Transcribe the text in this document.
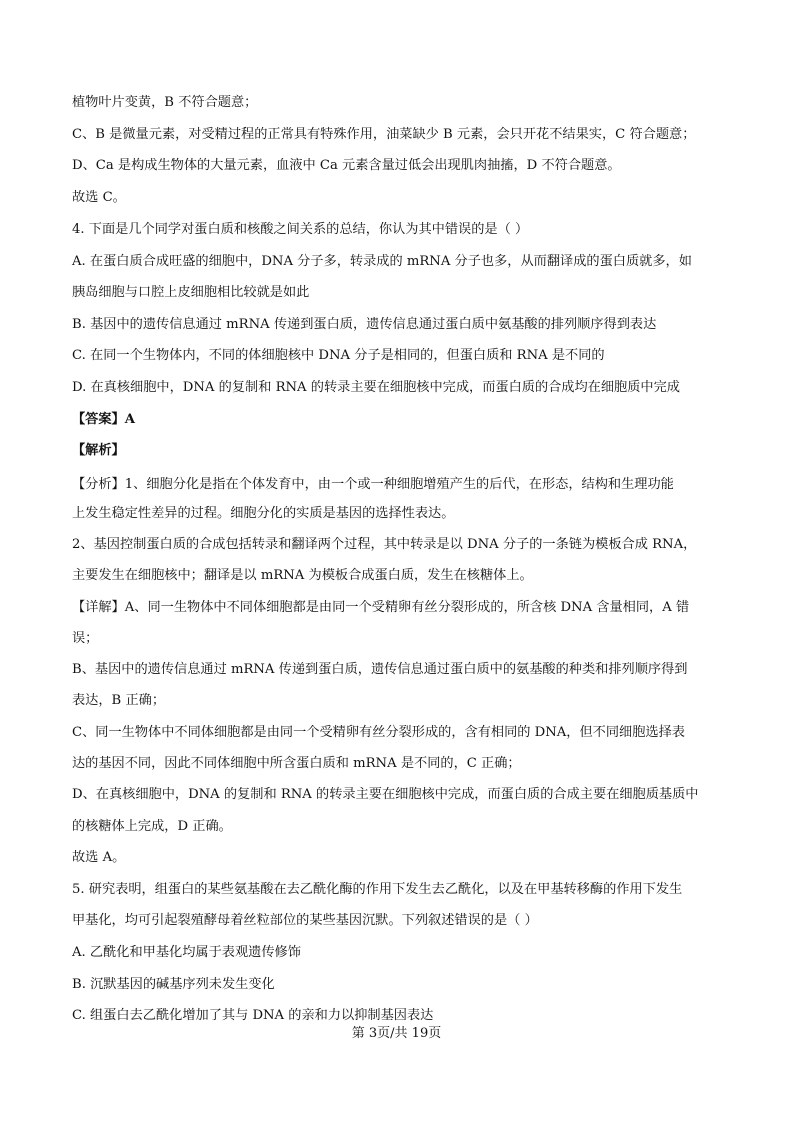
植物叶片变黄，B 不符合题意；
C、B 是微量元素，对受精过程的正常具有特殊作用，油菜缺少 B 元素，会只开花不结果实，C 符合题意；
D、Ca 是构成生物体的大量元素，血液中 Ca 元素含量过低会出现肌肉抽搐，D 不符合题意。
故选 C。
4. 下面是几个同学对蛋白质和核酸之间关系的总结，你认为其中错误的是（ ）
A. 在蛋白质合成旺盛的细胞中，DNA 分子多，转录成的 mRNA 分子也多，从而翻译成的蛋白质就多，如
胰岛细胞与口腔上皮细胞相比较就是如此
B. 基因中的遗传信息通过 mRNA 传递到蛋白质，遗传信息通过蛋白质中氨基酸的排列顺序得到表达
C. 在同一个生物体内，不同的体细胞核中 DNA 分子是相同的，但蛋白质和 RNA 是不同的
D. 在真核细胞中，DNA 的复制和 RNA 的转录主要在细胞核中完成，而蛋白质的合成均在细胞质中完成
【答案】A
【解析】
【分析】1、细胞分化是指在个体发育中，由一个或一种细胞增殖产生的后代，在形态，结构和生理功能
上发生稳定性差异的过程。细胞分化的实质是基因的选择性表达。
2、基因控制蛋白质的合成包括转录和翻译两个过程，其中转录是以 DNA 分子的一条链为模板合成 RNA，
主要发生在细胞核中；翻译是以 mRNA 为模板合成蛋白质，发生在核糖体上。
【详解】A、同一生物体中不同体细胞都是由同一个受精卵有丝分裂形成的，所含核 DNA 含量相同，A 错
误；
B、基因中的遗传信息通过 mRNA 传递到蛋白质，遗传信息通过蛋白质中的氨基酸的种类和排列顺序得到
表达，B 正确；
C、同一生物体中不同体细胞都是由同一个受精卵有丝分裂形成的，含有相同的 DNA，但不同细胞选择表
达的基因不同，因此不同体细胞中所含蛋白质和 mRNA 是不同的，C 正确；
D、在真核细胞中，DNA 的复制和 RNA 的转录主要在细胞核中完成，而蛋白质的合成主要在细胞质基质中
的核糖体上完成，D 正确。
故选 A。
5. 研究表明，组蛋白的某些氨基酸在去乙酰化酶的作用下发生去乙酰化，以及在甲基转移酶的作用下发生
甲基化，均可引起裂殖酵母着丝粒部位的某些基因沉默。下列叙述错误的是（ ）
A. 乙酰化和甲基化均属于表观遗传修饰
B. 沉默基因的碱基序列未发生变化
C. 组蛋白去乙酰化增加了其与 DNA 的亲和力以抑制基因表达
第 3页/共 19页
